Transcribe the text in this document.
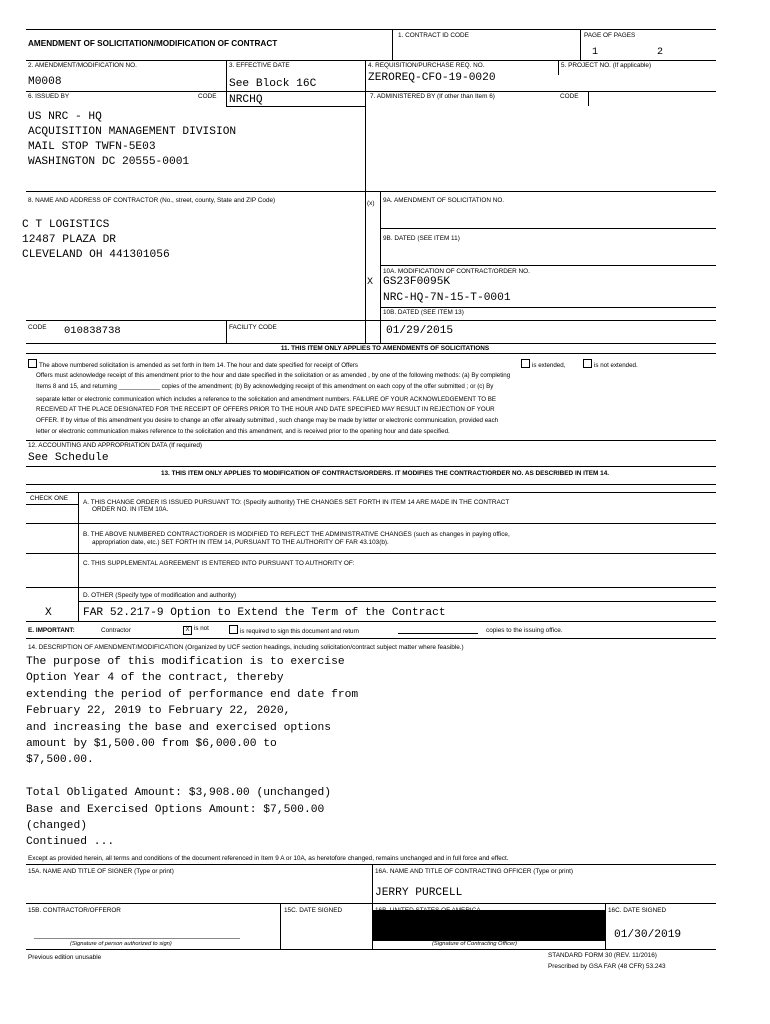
AMENDMENT OF SOLICITATION/MODIFICATION OF CONTRACT
1. CONTRACT ID CODE	PAGE OF PAGES
1	2
2. AMENDMENT/MODIFICATION NO.
M0008
3. EFFECTIVE DATE
See Block 16C
4. REQUISITION/PURCHASE REQ. NO.
ZEROREQ-CFO-19-0020
5. PROJECT NO. (If applicable)
6. ISSUED BY	CODE NRCHQ	7. ADMINISTERED BY (If other than Item 6)	CODE
US NRC - HQ
ACQUISITION MANAGEMENT DIVISION
MAIL STOP TWFN-5E03
WASHINGTON DC 20555-0001
8. NAME AND ADDRESS OF CONTRACTOR (No., street, county, State and ZIP Code)	(x) 9A. AMENDMENT OF SOLICITATION NO.
9B. DATED (SEE ITEM 11)
C T LOGISTICS
12487 PLAZA DR
CLEVELAND OH 441301056
10A. MODIFICATION OF CONTRACT/ORDER NO.
X GS23F0095K
NRC-HQ-7N-15-T-0001
10B. DATED (SEE ITEM 13)
CODE 010838738	FACILITY CODE	01/29/2015
11. THIS ITEM ONLY APPLIES TO AMENDMENTS OF SOLICITATIONS
The above numbered solicitation is amended as set forth in Item 14. The hour and date specified for receipt of Offers	is extended,	is not extended.
Offers must acknowledge receipt of this amendment prior to the hour and date specified in the solicitation or as amended , by one of the following methods: (a) By completing
Items 8 and 15, and returning ____________ copies of the amendment; (b) By acknowledging receipt of this amendment on each copy of the offer submitted ; or (c) By
separate letter or electronic communication which includes a reference to the solicitation and amendment numbers. FAILURE OF YOUR ACKNOWLEDGEMENT TO BE
RECEIVED AT THE PLACE DESIGNATED FOR THE RECEIPT OF OFFERS PRIOR TO THE HOUR AND DATE SPECIFIED MAY RESULT IN REJECTION OF YOUR
OFFER. If by virtue of this amendment you desire to change an offer already submitted , such change may be made by letter or electronic communication, provided each
letter or electronic communication makes reference to the solicitation and this amendment, and is received prior to the opening hour and date specified.
12. ACCOUNTING AND APPROPRIATION DATA (If required)
See Schedule
13. THIS ITEM ONLY APPLIES TO MODIFICATION OF CONTRACTS/ORDERS. IT MODIFIES THE CONTRACT/ORDER NO. AS DESCRIBED IN ITEM 14.
CHECK ONE
A. THIS CHANGE ORDER IS ISSUED PURSUANT TO: (Specify authority) THE CHANGES SET FORTH IN ITEM 14 ARE MADE IN THE CONTRACT
ORDER NO. IN ITEM 10A.
B. THE ABOVE NUMBERED CONTRACT/ORDER IS MODIFIED TO REFLECT THE ADMINISTRATIVE CHANGES (such as changes in paying office,
appropriation date, etc.) SET FORTH IN ITEM 14, PURSUANT TO THE AUTHORITY OF FAR 43.103(b).
C. THIS SUPPLEMENTAL AGREEMENT IS ENTERED INTO PURSUANT TO AUTHORITY OF:
D. OTHER (Specify type of modification and authority)
X	FAR 52.217-9 Option to Extend the Term of the Contract
E. IMPORTANT:	Contractor	X is not	is required to sign this document and return	copies to the issuing office.
14. DESCRIPTION OF AMENDMENT/MODIFICATION (Organized by UCF section headings, including solicitation/contract subject matter where feasible.)
The purpose of this modification is to exercise
Option Year 4 of the contract, thereby
extending the period of performance end date from
February 22, 2019 to February 22, 2020,
and increasing the base and exercised options
amount by $1,500.00 from $6,000.00 to
$7,500.00.
Total Obligated Amount: $3,908.00 (unchanged)
Base and Exercised Options Amount: $7,500.00
(changed)
Continued ...
Except as provided herein, all terms and conditions of the document referenced in Item 9 A or 10A, as heretofore changed, remains unchanged and in full force and effect.
15A. NAME AND TITLE OF SIGNER (Type or print)	16A. NAME AND TITLE OF CONTRACTING OFFICER (Type or print)
JERRY PURCELL
15B. CONTRACTOR/OFFEROR	15C. DATE SIGNED	16C. DATE SIGNED
01/30/2019
(Signature of person authorized to sign)	(Signature of Contracting Officer)
Previous edition unusable	STANDARD FORM 30 (REV. 11/2016)
Prescribed by GSA FAR (48 CFR) 53.243
